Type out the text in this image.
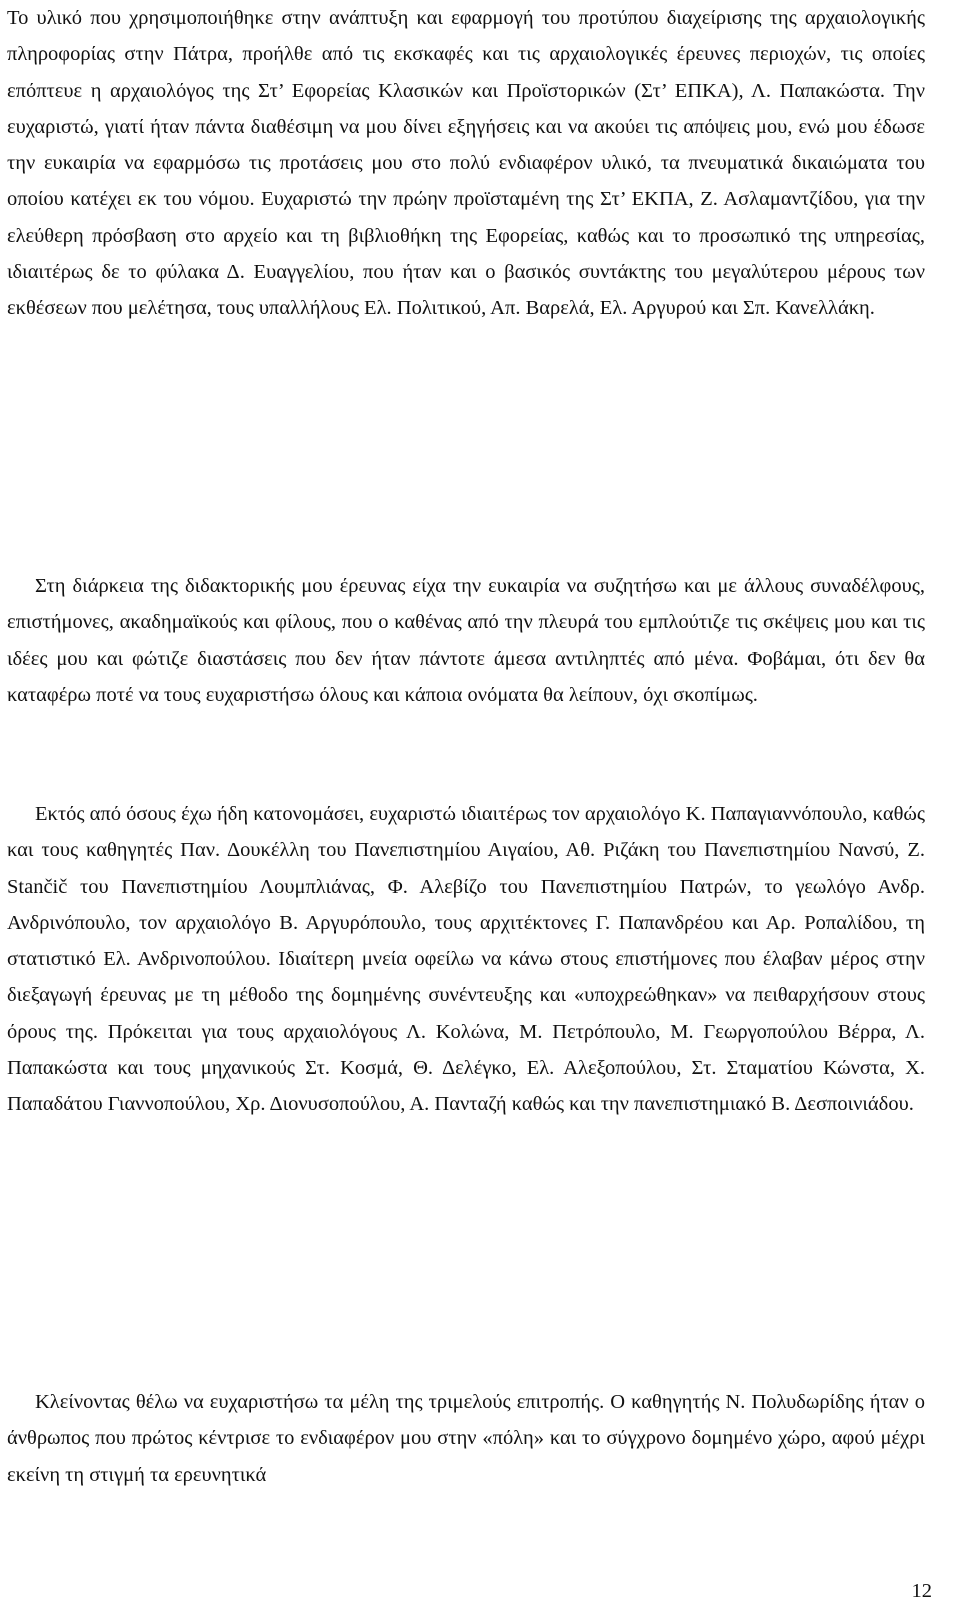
Το υλικό που χρησιμοποιήθηκε στην ανάπτυξη και εφαρμογή του προτύπου διαχείρισης της αρχαιολογικής πληροφορίας στην Πάτρα, προήλθε από τις εκσκαφές και τις αρχαιολογικές έρευνες περιοχών, τις οποίες επόπτευε η αρχαιολόγος της Στ’ Εφορείας Κλασικών και Προϊστορικών (Στ’ ΕΠΚΑ), Λ. Παπακώστα. Την ευχαριστώ, γιατί ήταν πάντα διαθέσιμη να μου δίνει εξηγήσεις και να ακούει τις απόψεις μου, ενώ μου έδωσε την ευκαιρία να εφαρμόσω τις προτάσεις μου στο πολύ ενδιαφέρον υλικό, τα πνευματικά δικαιώματα του οποίου κατέχει εκ του νόμου. Ευχαριστώ την πρώην προϊσταμένη της Στ’ ΕΚΠΑ, Ζ. Ασλαμαντζίδου, για την ελεύθερη πρόσβαση στο αρχείο και τη βιβλιοθήκη της Εφορείας, καθώς και το προσωπικό της υπηρεσίας, ιδιαιτέρως δε το φύλακα Δ. Ευαγγελίου, που ήταν και ο βασικός συντάκτης του μεγαλύτερου μέρους των εκθέσεων που μελέτησα, τους υπαλλήλους Ελ. Πολιτικού, Απ. Βαρελά, Ελ. Αργυρού και Σπ. Κανελλάκη.

Στη διάρκεια της διδακτορικής μου έρευνας είχα την ευκαιρία να συζητήσω και με άλλους συναδέλφους, επιστήμονες, ακαδημαϊκούς και φίλους, που ο καθένας από την πλευρά του εμπλούτιζε τις σκέψεις μου και τις ιδέες μου και φώτιζε διαστάσεις που δεν ήταν πάντοτε άμεσα αντιληπτές από μένα. Φοβάμαι, ότι δεν θα καταφέρω ποτέ να τους ευχαριστήσω όλους και κάποια ονόματα θα λείπουν, όχι σκοπίμως.

Εκτός από όσους έχω ήδη κατονομάσει, ευχαριστώ ιδιαιτέρως τον αρχαιολόγο Κ. Παπαγιαννόπουλο, καθώς και τους καθηγητές Παν. Δουκέλλη του Πανεπιστημίου Αιγαίου, Αθ. Ριζάκη του Πανεπιστημίου Νανσύ, Ζ. Stančič του Πανεπιστημίου Λουμπλιάνας, Φ. Αλεβίζο του Πανεπιστημίου Πατρών, το γεωλόγο Ανδρ. Ανδρινόπουλο, τον αρχαιολόγο Β. Αργυρόπουλο, τους αρχιτέκτονες Γ. Παπανδρέου και Αρ. Ροπαλίδου, τη στατιστικό Ελ. Ανδρινοπούλου. Ιδιαίτερη μνεία οφείλω να κάνω στους επιστήμονες που έλαβαν μέρος στην διεξαγωγή έρευνας με τη μέθοδο της δομημένης συνέντευξης και «υποχρεώθηκαν» να πειθαρχήσουν στους όρους της. Πρόκειται για τους αρχαιολόγους Λ. Κολώνα, Μ. Πετρόπουλο, Μ. Γεωργοπούλου Βέρρα, Λ. Παπακώστα και τους μηχανικούς Στ. Κοσμά, Θ. Δελέγκο, Ελ. Αλεξοπούλου, Στ. Σταματίου Κώνστα, Χ. Παπαδάτου Γιαννοπούλου, Χρ. Διονυσοπούλου, Α. Πανταζή καθώς και την πανεπιστημιακό Β. Δεσποινιάδου.

Κλείνοντας θέλω να ευχαριστήσω τα μέλη της τριμελούς επιτροπής. Ο καθηγητής Ν. Πολυδωρίδης ήταν ο άνθρωπος που πρώτος κέντρισε το ενδιαφέρον μου στην «πόλη» και το σύγχρονο δομημένο χώρο, αφού μέχρι εκείνη τη στιγμή τα ερευνητικά

12
